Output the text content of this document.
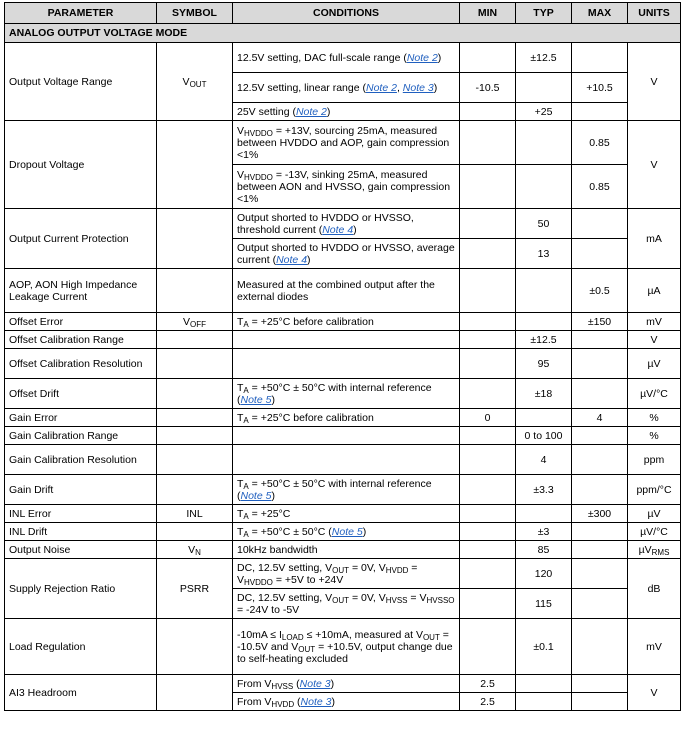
PARAMETER	SYMBOL	CONDITIONS	MIN	TYP	MAX	UNITS
ANALOG OUTPUT VOLTAGE MODE						
Output Voltage Range	$V_{OUT}$	12.5V setting, DAC full-scale range (Note 2)		±12.5		V
		12.5V setting, linear range (Note 2, Note 3)	-10.5		+10.5	
		25V setting (Note 2)		+25		
Dropout Voltage		$V_{HVDDO} = +13V$, sourcing 25mA, measured between HVDDO and AOP, gain compression <1%			0.85	V
		$V_{HVDDO} = -13V$, sinking 25mA, measured between AON and HVSSO, gain compression <1%			0.85	
Output Current Protection		Output shorted to HVDDO or HVSSO, threshold current (Note 4)		50		mA
		Output shorted to HVDDO or HVSSO, average current (Note 4)		13		
AOP, AON High Impedance Leakage Current		Measured at the combined output after the external diodes			±0.5	µA
Offset Error	$V_{OFF}$	$T_A = +25^\circ C$ before calibration			±150	mV
Offset Calibration Range				±12.5		V
Offset Calibration Resolution				95		µV
Offset Drift		$T_A = +50^\circ C \pm 50^\circ C$ with internal reference (Note 5)		±18		µV/°C
Gain Error		$T_A = +25^\circ C$ before calibration	0		4	%
Gain Calibration Range				0 to 100		%
Gain Calibration Resolution				4		ppm
Gain Drift		$T_A = +50^\circ C \pm 50^\circ C$ with internal reference (Note 5)		±3.3		ppm/°C
INL Error	INL	$T_A = +25^\circ C$			±300	µV
INL Drift		$T_A = +50^\circ C \pm 50^\circ C$ (Note 5)		±3		µV/°C
Output Noise	$V_N$	10kHz bandwidth		85		µV$_{RMS}$
Supply Rejection Ratio	PSRR	DC, 12.5V setting, $V_{OUT} = 0V$, $V_{HVDD} = V_{HVDDO} = +5V$ to +24V		120		dB
		DC, 12.5V setting, $V_{OUT} = 0V$, $V_{HVSS} = V_{HVSSO} = -24V$ to -5V		115		
Load Regulation		$-10mA \le I_{LOAD} \le +10mA$, measured at $V_{OUT} = -10.5V$ and $V_{OUT} = +10.5V$, output change due to self-heating excluded		±0.1		mV
AI3 Headroom		From $V_{HVSS}$ (Note 3)	2.5			V
		From $V_{HVDD}$ (Note 3)	2.5			
